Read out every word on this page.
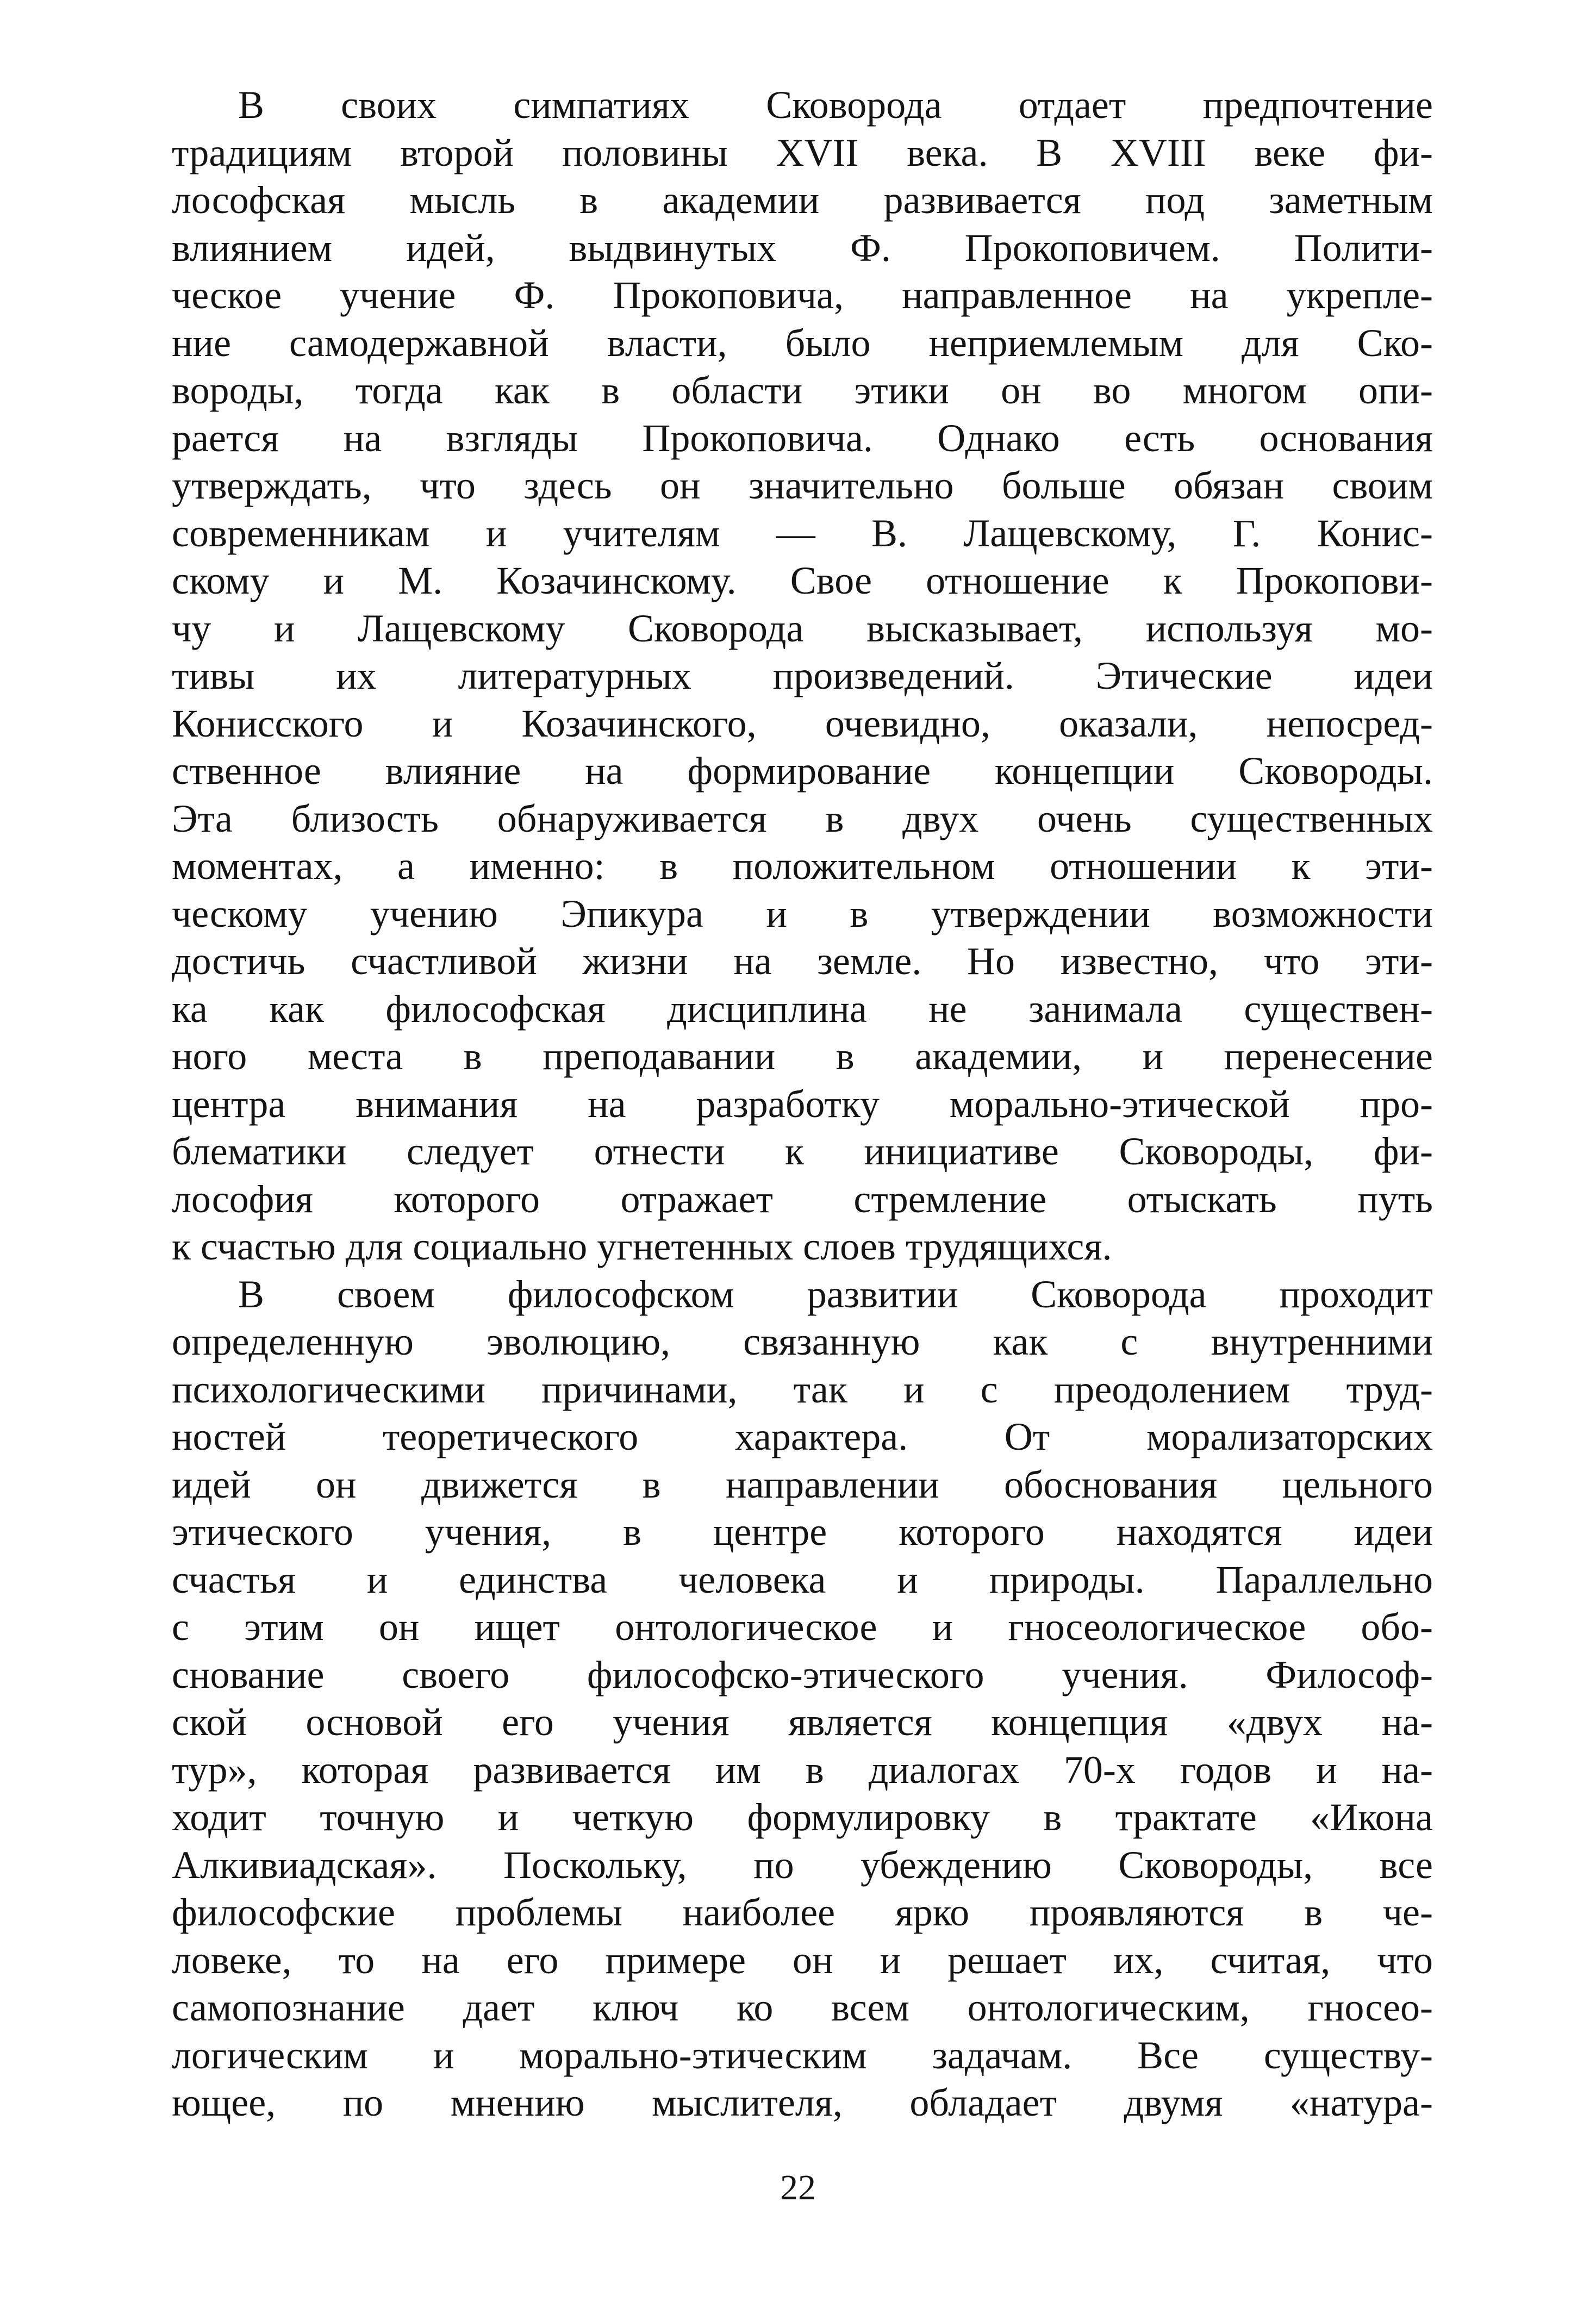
В своих симпатиях Сковорода отдает предпочтение
традициям второй половины XVII века. В XVIII веке фи-
лософская мысль в академии развивается под заметным
влиянием идей, выдвинутых Ф. Прокоповичем. Полити-
ческое учение Ф. Прокоповича, направленное на укрепле-
ние самодержавной власти, было неприемлемым для Ско-
вороды, тогда как в области этики он во многом опи-
рается на взгляды Прокоповича. Однако есть основания
утверждать, что здесь он значительно больше обязан своим
современникам и учителям — В. Лащевскому, Г. Конис-
скому и М. Козачинскому. Свое отношение к Прокопови-
чу и Лащевскому Сковорода высказывает, используя мо-
тивы их литературных произведений. Этические идеи
Конисского и Козачинского, очевидно, оказали, непосред-
ственное влияние на формирование концепции Сковороды.
Эта близость обнаруживается в двух очень существенных
моментах, а именно: в положительном отношении к эти-
ческому учению Эпикура и в утверждении возможности
достичь счастливой жизни на земле. Но известно, что эти-
ка как философская дисциплина не занимала существен-
ного места в преподавании в академии, и перенесение
центра внимания на разработку морально-этической про-
блематики следует отнести к инициативе Сковороды, фи-
лософия которого отражает стремление отыскать путь
к счастью для социально угнетенных слоев трудящихся.
В своем философском развитии Сковорода проходит
определенную эволюцию, связанную как с внутренними
психологическими причинами, так и с преодолением труд-
ностей теоретического характера. От морализаторских
идей он движется в направлении обоснования цельного
этического учения, в центре которого находятся идеи
счастья и единства человека и природы. Параллельно
с этим он ищет онтологическое и гносеологическое обо-
снование своего философско-этического учения. Философ-
ской основой его учения является концепция «двух на-
тур», которая развивается им в диалогах 70-х годов и на-
ходит точную и четкую формулировку в трактате «Икона
Алкивиадская». Поскольку, по убеждению Сковороды, все
философские проблемы наиболее ярко проявляются в че-
ловеке, то на его примере он и решает их, считая, что
самопознание дает ключ ко всем онтологическим, гносео-
логическим и морально-этическим задачам. Все существу-
ющее, по мнению мыслителя, обладает двумя «натура-
22
